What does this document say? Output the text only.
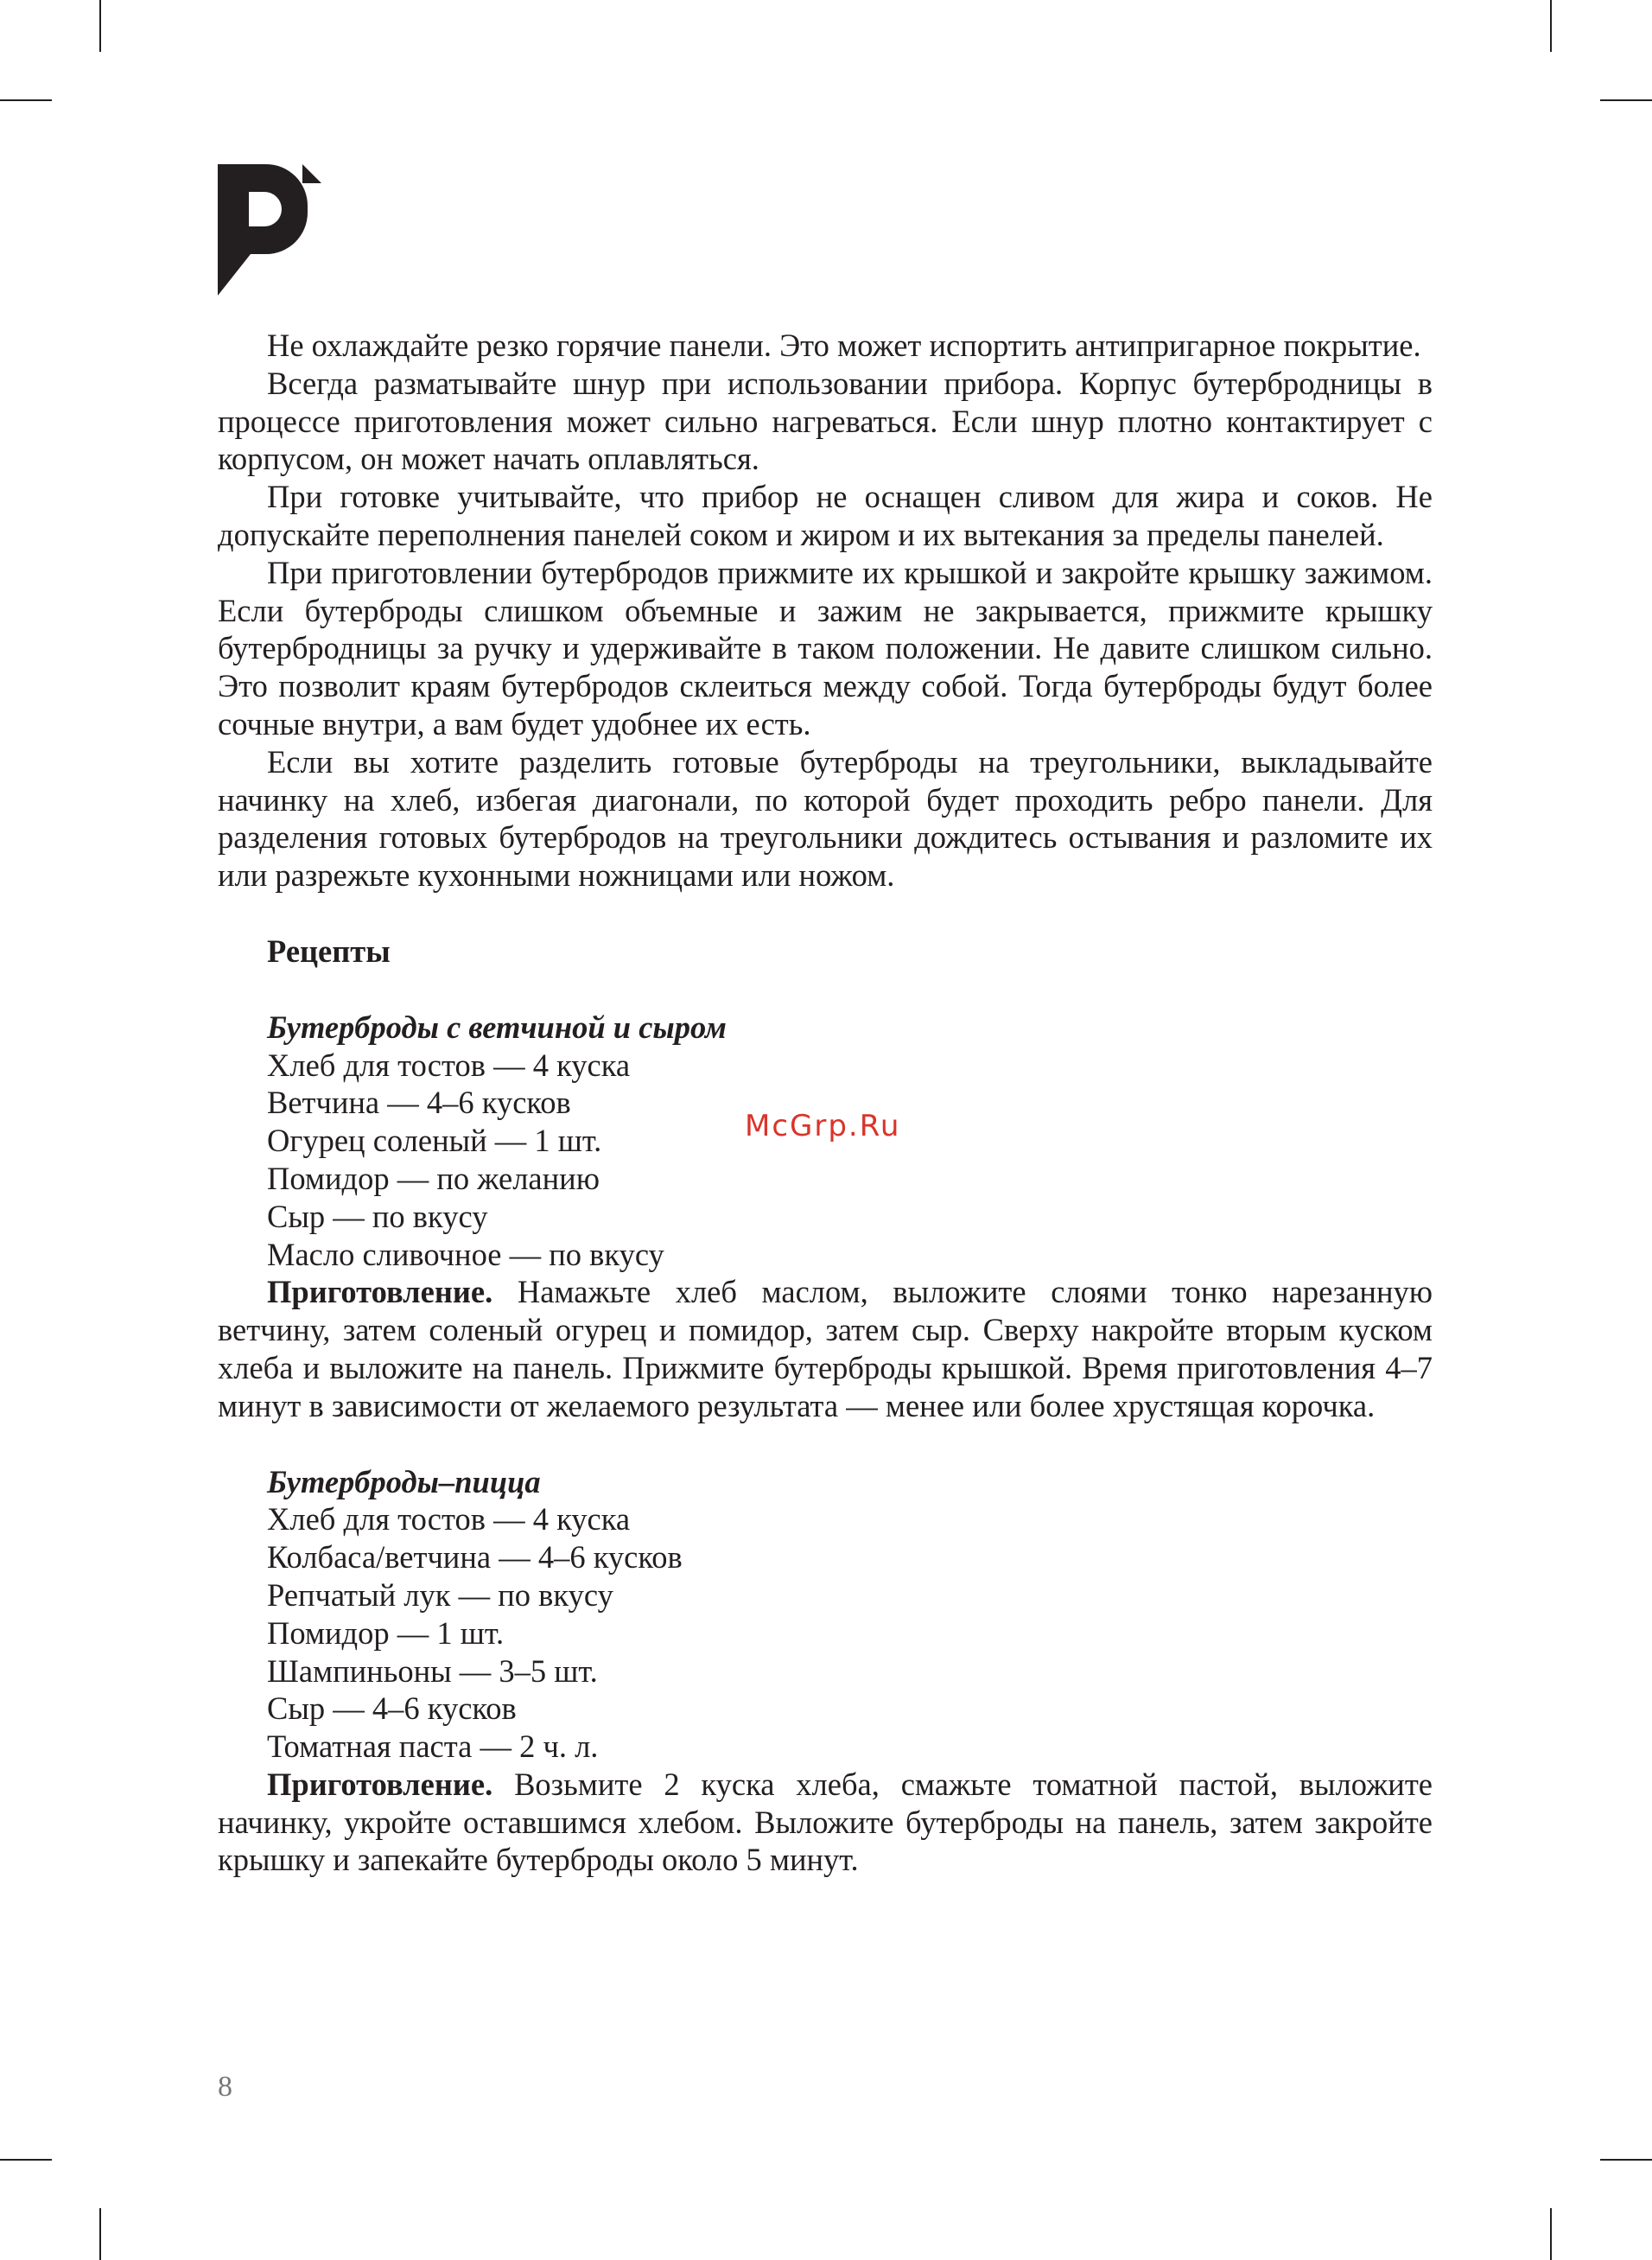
Не охлаждайте резко горячие панели. Это может испортить антипригарное покрытие.

Всегда разматывайте шнур при использовании прибора. Корпус бутербродницы в процессе приготовления может сильно нагреваться. Если шнур плотно контактирует с корпусом, он может начать оплавляться.

При готовке учитывайте, что прибор не оснащен сливом для жира и соков. Не допускайте переполнения панелей соком и жиром и их вытекания за пределы панелей.

При приготовлении бутербродов прижмите их крышкой и закройте крышку зажимом. Если бутерброды слишком объемные и зажим не закрывается, прижмите крышку бутербродницы за ручку и удерживайте в таком положении. Не давите слишком сильно. Это позволит краям бутербродов склеиться между собой. Тогда бутерброды будут более сочные внутри, а вам будет удобнее их есть.

Если вы хотите разделить готовые бутерброды на треугольники, выкладывайте начинку на хлеб, избегая диагонали, по которой будет проходить ребро панели. Для разделения готовых бутербродов на треугольники дождитесь остывания и разломите их или разрежьте кухонными ножницами или ножом.

Рецепты
Бутерброды с ветчиной и сыром
Хлеб для тостов — 4 куска
Ветчина — 4–6 кусков
Огурец соленый — 1 шт.
Помидор — по желанию
Сыр — по вкусу
Масло сливочное — по вкусу

Приготовление. Намажьте хлеб маслом, выложите слоями тонко нарезанную ветчину, затем соленый огурец и помидор, затем сыр. Сверху накройте вторым куском хлеба и выложите на панель. Прижмите бутерброды крышкой. Время приготовления 4–7 минут в зависимости от желаемого результата — менее или более хрустящая корочка.

Бутерброды–пицца
Хлеб для тостов — 4 куска
Колбаса/ветчина — 4–6 кусков
Репчатый лук — по вкусу
Помидор — 1 шт.
Шампиньоны — 3–5 шт.
Сыр — 4–6 кусков
Томатная паста — 2 ч. л.

Приготовление. Возьмите 2 куска хлеба, смажьте томатной пастой, выложите начинку, укройте оставшимся хлебом. Выложите бутерброды на панель, затем закройте крышку и запекайте бутерброды около 5 минут.

McGrp.Ru
8
